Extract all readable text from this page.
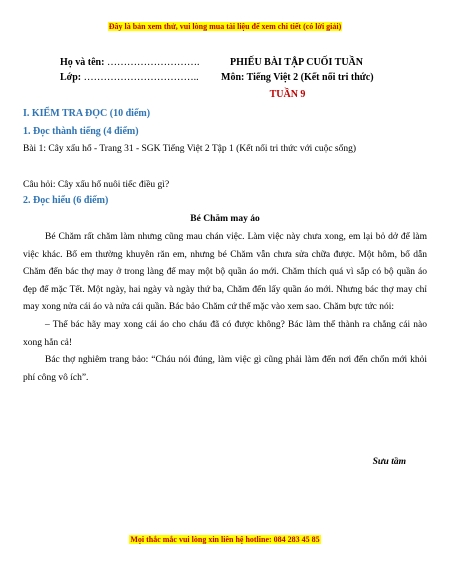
Đây là bản xem thử, vui lòng mua tài liệu để xem chi tiết (có lời giải)
Họ và tên: ……………………….
Lớp: ……………………………..
PHIẾU BÀI TẬP CUỐI TUẦN
Môn: Tiếng Việt 2 (Kết nối tri thức)
TUẦN 9
I. KIỂM TRA ĐỌC (10 điểm)
1. Đọc thành tiếng (4 điểm)
Bài 1: Cây xấu hổ - Trang 31 - SGK Tiếng Việt 2 Tập 1 (Kết nối tri thức với cuộc sống)
Câu hỏi: Cây xấu hổ nuôi tiếc điều gì?
2. Đọc hiểu (6 điểm)
Bé Chăm may áo

Bé Chăm rất chăm làm nhưng cũng mau chán việc. Làm việc này chưa xong, em lại bỏ dở để làm việc khác. Bố em thường khuyên răn em, nhưng bé Chăm vẫn chưa sửa chữa được. Một hôm, bố dẫn Chăm đến bác thợ may ở trong làng để may một bộ quần áo mới. Chăm thích quá vì sắp có bộ quần áo đẹp để mặc Tết. Một ngày, hai ngày và ngày thứ ba, Chăm đến lấy quần áo mới. Nhưng bác thợ may chỉ may xong nửa cái áo và nửa cái quần. Bác bảo Chăm cứ thế mặc vào xem sao. Chăm bực tức nói:

– Thế bác hãy may xong cái áo cho cháu đã có được không? Bác làm thế thành ra chẳng cái nào xong hẳn cả!

Bác thợ nghiêm trang bảo: “Cháu nói đúng, làm việc gì cũng phải làm đến nơi đến chốn mới khỏi phí công vô ích”.

Sưu tầm
Mọi thắc mắc vui lòng xin liên hệ hotline: 084 283 45 85
